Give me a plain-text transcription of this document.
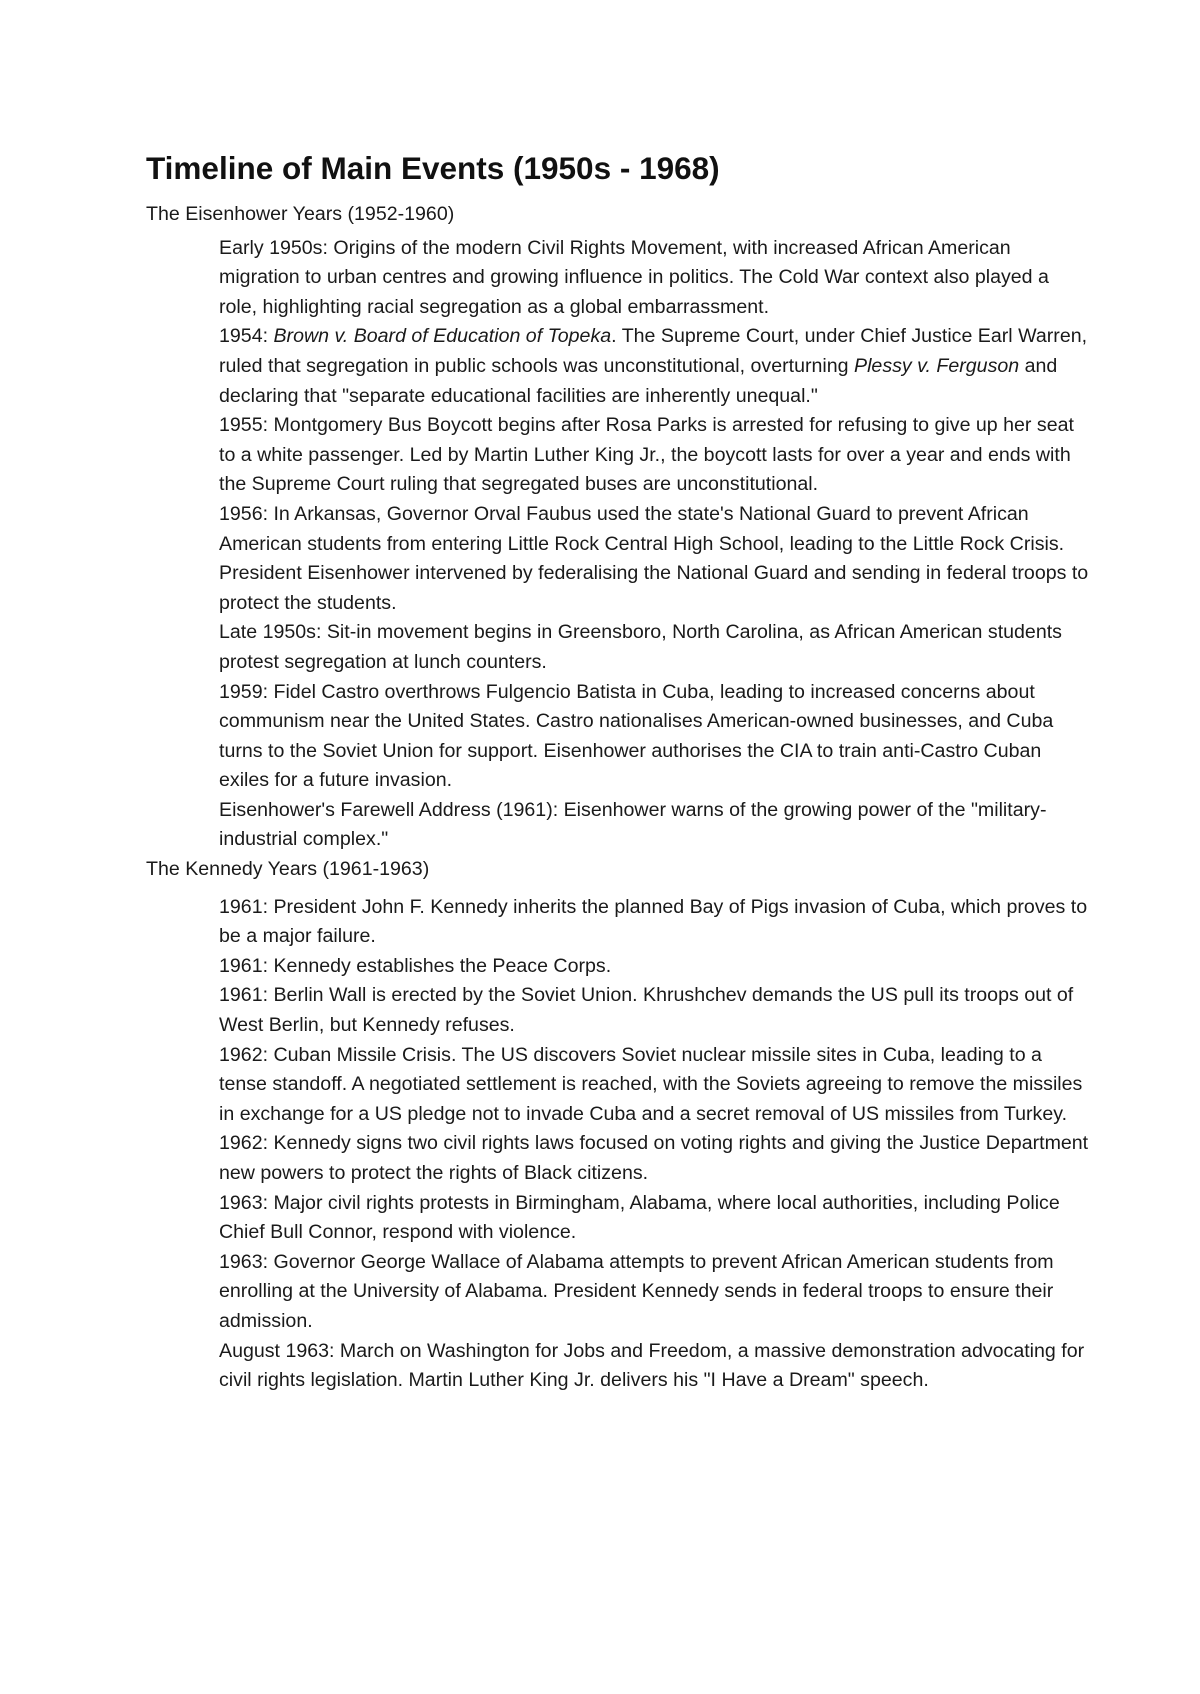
Timeline of Main Events (1950s - 1968)
The Eisenhower Years (1952-1960)
Early 1950s: Origins of the modern Civil Rights Movement, with increased African American migration to urban centres and growing influence in politics. The Cold War context also played a role, highlighting racial segregation as a global embarrassment.
1954: Brown v. Board of Education of Topeka. The Supreme Court, under Chief Justice Earl Warren, ruled that segregation in public schools was unconstitutional, overturning Plessy v. Ferguson and declaring that "separate educational facilities are inherently unequal."
1955: Montgomery Bus Boycott begins after Rosa Parks is arrested for refusing to give up her seat to a white passenger. Led by Martin Luther King Jr., the boycott lasts for over a year and ends with the Supreme Court ruling that segregated buses are unconstitutional.
1956: In Arkansas, Governor Orval Faubus used the state's National Guard to prevent African American students from entering Little Rock Central High School, leading to the Little Rock Crisis. President Eisenhower intervened by federalising the National Guard and sending in federal troops to protect the students.
Late 1950s: Sit-in movement begins in Greensboro, North Carolina, as African American students protest segregation at lunch counters.
1959: Fidel Castro overthrows Fulgencio Batista in Cuba, leading to increased concerns about communism near the United States. Castro nationalises American-owned businesses, and Cuba turns to the Soviet Union for support. Eisenhower authorises the CIA to train anti-Castro Cuban exiles for a future invasion.
Eisenhower's Farewell Address (1961): Eisenhower warns of the growing power of the "military-industrial complex."
The Kennedy Years (1961-1963)
1961: President John F. Kennedy inherits the planned Bay of Pigs invasion of Cuba, which proves to be a major failure.
1961: Kennedy establishes the Peace Corps.
1961: Berlin Wall is erected by the Soviet Union. Khrushchev demands the US pull its troops out of West Berlin, but Kennedy refuses.
1962: Cuban Missile Crisis. The US discovers Soviet nuclear missile sites in Cuba, leading to a tense standoff. A negotiated settlement is reached, with the Soviets agreeing to remove the missiles in exchange for a US pledge not to invade Cuba and a secret removal of US missiles from Turkey.
1962: Kennedy signs two civil rights laws focused on voting rights and giving the Justice Department new powers to protect the rights of Black citizens.
1963: Major civil rights protests in Birmingham, Alabama, where local authorities, including Police Chief Bull Connor, respond with violence.
1963: Governor George Wallace of Alabama attempts to prevent African American students from enrolling at the University of Alabama. President Kennedy sends in federal troops to ensure their admission.
August 1963: March on Washington for Jobs and Freedom, a massive demonstration advocating for civil rights legislation. Martin Luther King Jr. delivers his "I Have a Dream" speech.
